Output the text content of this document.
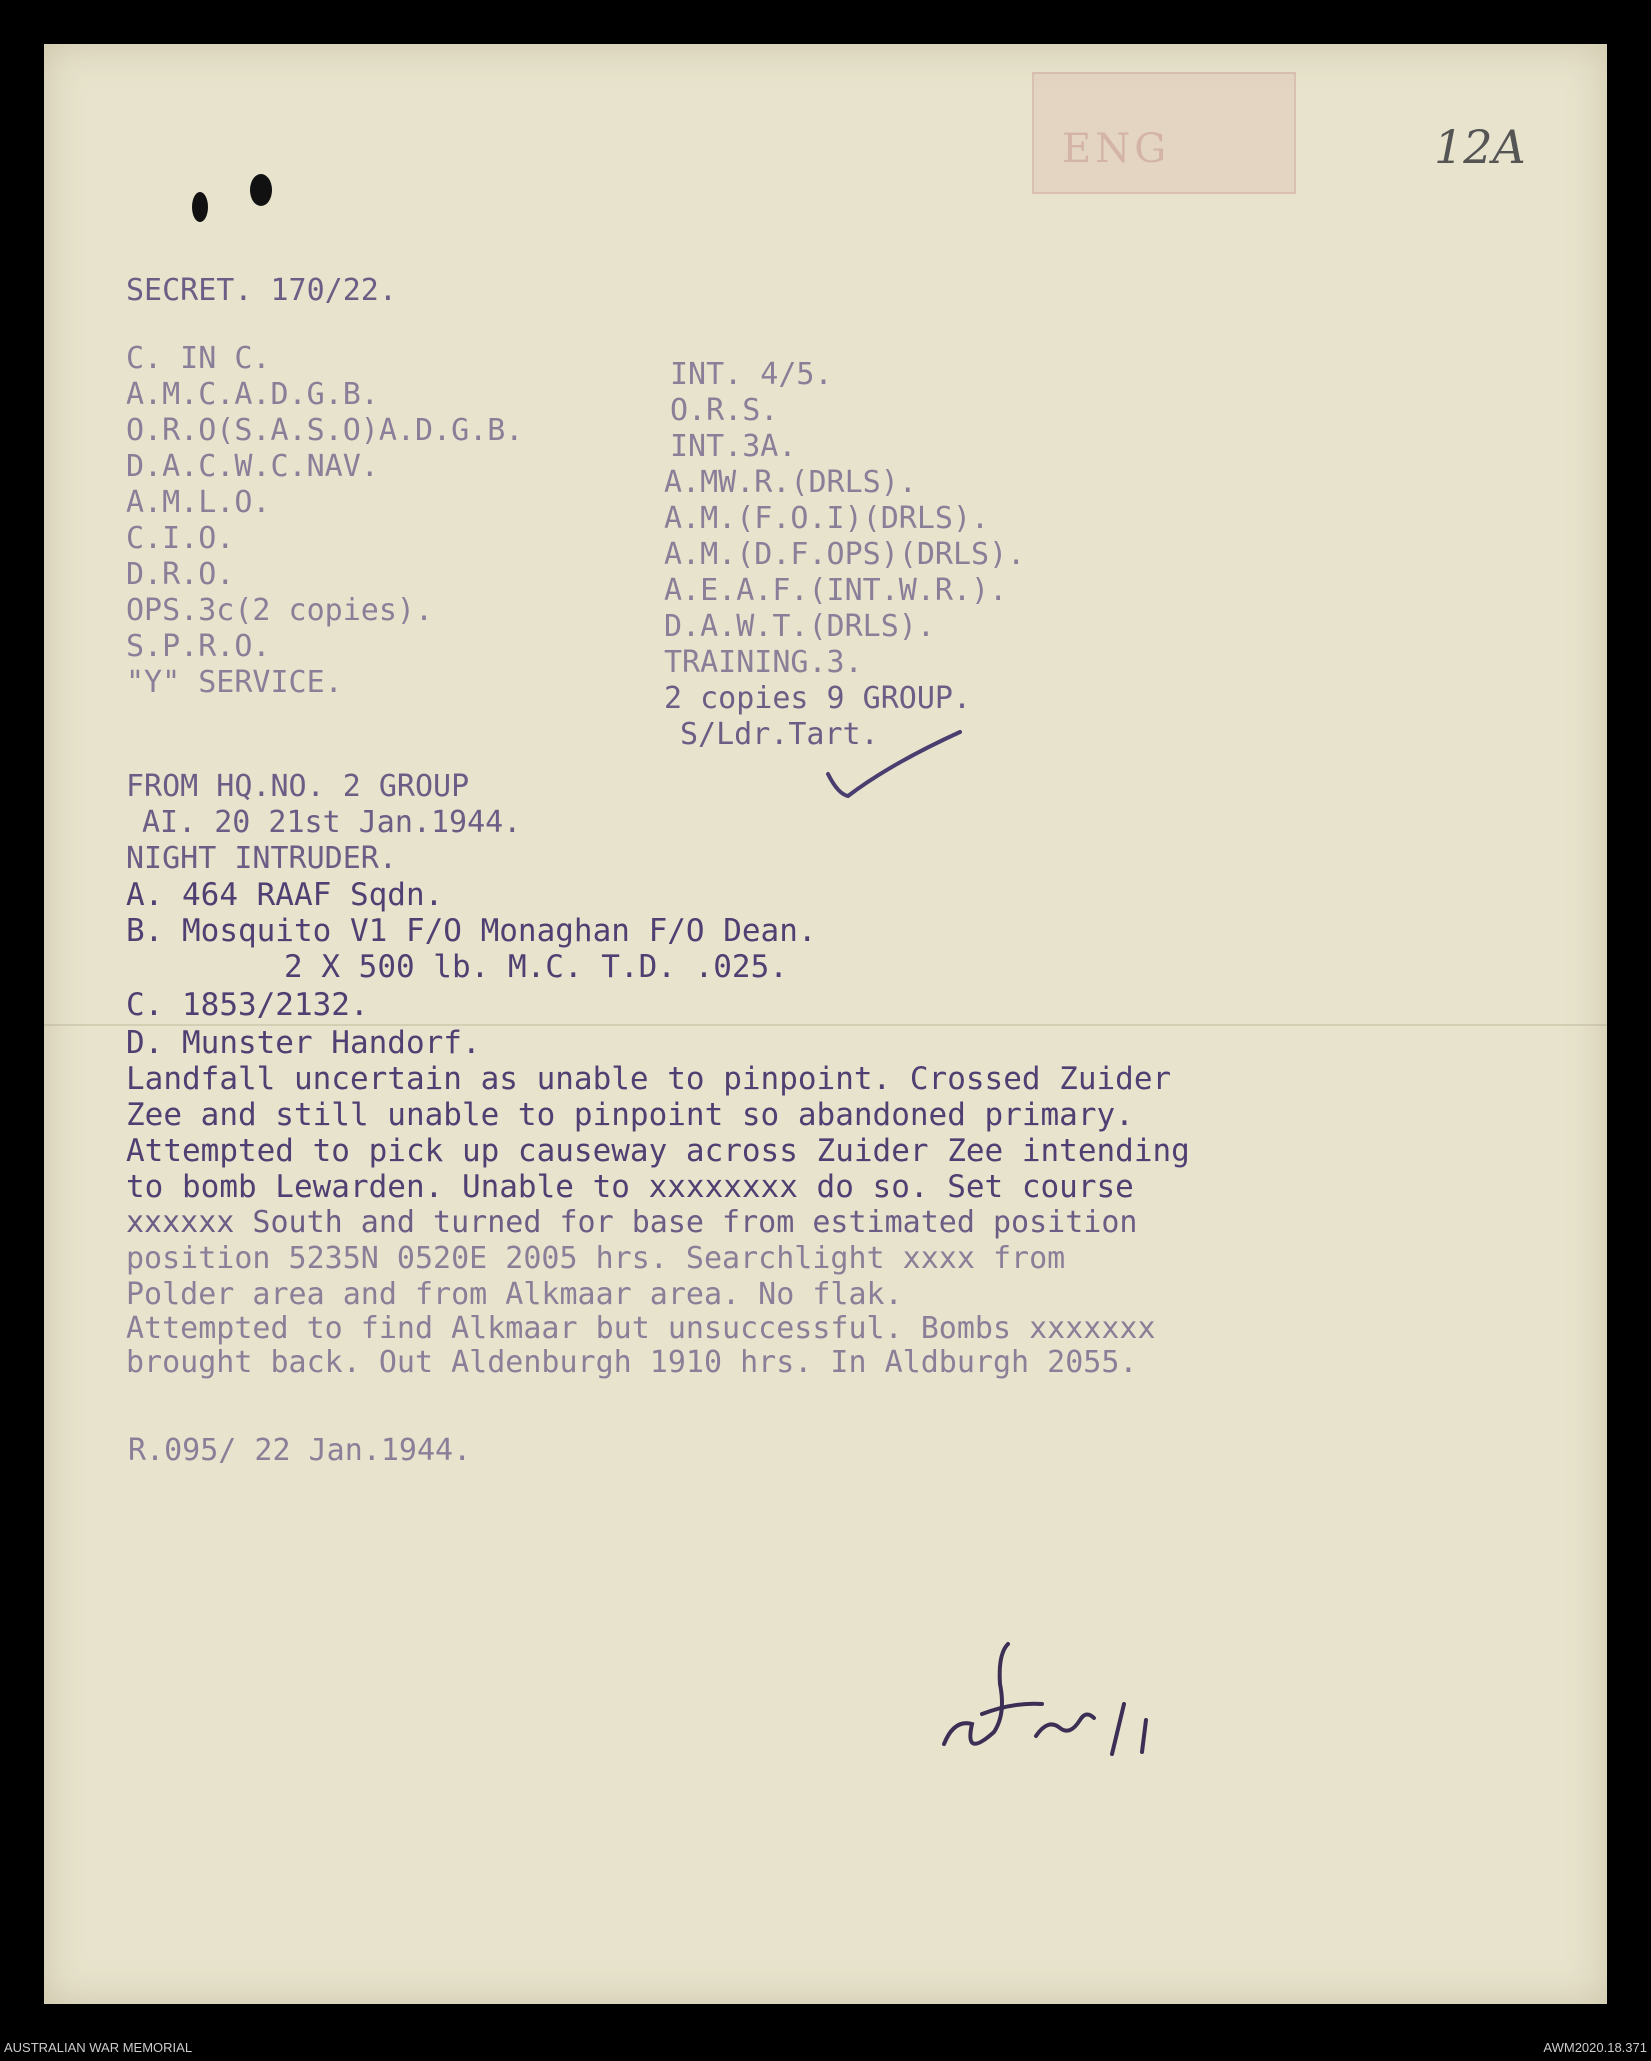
ENG	12A
SECRET. 170/22.
C. IN C.
A.M.C.A.D.G.B.
O.R.O(S.A.S.O)A.D.G.B.
D.A.C.W.C.NAV.
A.M.L.O.
C.I.O.
D.R.O.
OPS.3c(2 copies).
S.P.R.O.
"Y" SERVICE.
INT. 4/5.
O.R.S.
INT.3A.
A.MW.R.(DRLS).
A.M.(F.O.I)(DRLS).
A.M.(D.F.OPS)(DRLS).
A.E.A.F.(INT.W.R.).
D.A.W.T.(DRLS).
TRAINING.3.
2 copies 9 GROUP.
S/Ldr.Tart.
FROM HQ.NO. 2 GROUP
AI. 20 21st Jan.1944.
NIGHT INTRUDER.
A. 464 RAAF Sqdn.
B. Mosquito V1 F/O Monaghan F/O Dean.
2 X 500 lb. M.C. T.D. .025.
C. 1853/2132.
D. Munster Handorf.
Landfall uncertain as unable to pinpoint. Crossed Zuider
Zee and still unable to pinpoint so abandoned primary.
Attempted to pick up causeway across Zuider Zee intending
to bomb Lewarden. Unable to xxxxxxxx do so. Set course
xxxxxx South and turned for base from estimated position
position 5235N 0520E 2005 hrs. Searchlight xxxx from
Polder area and from Alkmaar area. No flak.
Attempted to find Alkmaar but unsuccessful. Bombs xxxxxxx
brought back. Out Aldenburgh 1910 hrs. In Aldburgh 2055.
R.095/ 22 Jan.1944.
AUSTRALIAN WAR MEMORIAL	AWM2020.18.371
